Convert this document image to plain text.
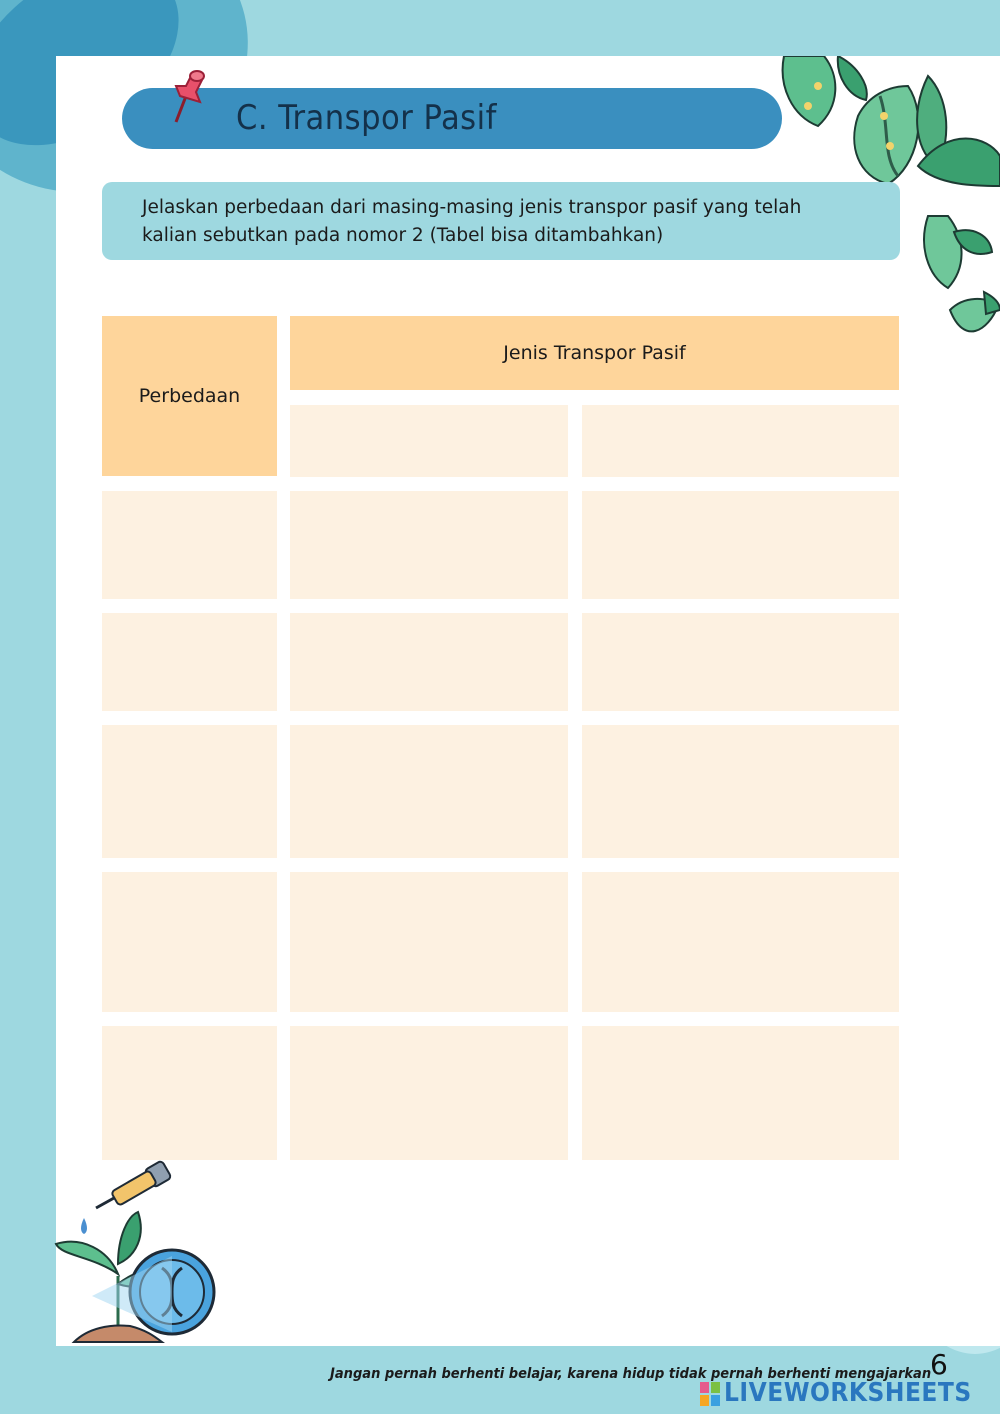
C. Transpor Pasif
Jelaskan perbedaan dari masing-masing jenis transpor pasif yang telah
kalian sebutkan pada nomor 2 (Tabel bisa ditambahkan)
Perbedaan
Jenis Transpor Pasif
Jangan pernah berhenti belajar, karena hidup tidak pernah berhenti mengajarkan
6
LIVEWORKSHEETS
